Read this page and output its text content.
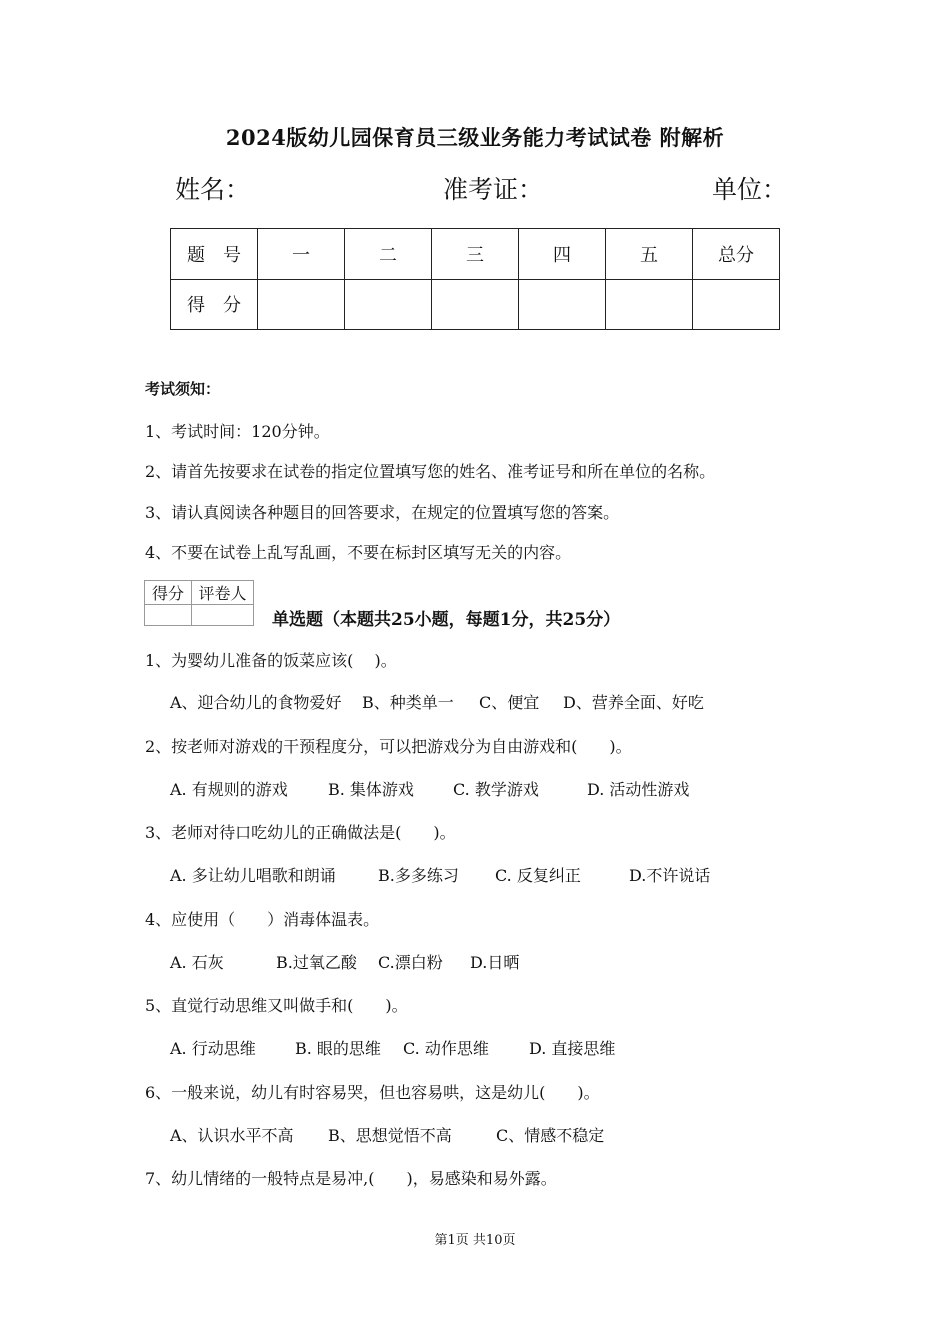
2024版幼儿园保育员三级业务能力考试试卷 附解析
姓名：	准考证：	单位：
题　号	一	二	三	四	五	总分
得　分						
考试须知：
1、考试时间：120分钟。
2、请首先按要求在试卷的指定位置填写您的姓名、准考证号和所在单位的名称。
3、请认真阅读各种题目的回答要求，在规定的位置填写您的答案。
4、不要在试卷上乱写乱画，不要在标封区填写无关的内容。
得分	评卷人

单选题（本题共25小题，每题1分，共25分）
1、为婴幼儿准备的饭菜应该(　 )。
A、迎合幼儿的食物爱好 B、种类单一 C、便宜 D、营养全面、好吃
2、按老师对游戏的干预程度分，可以把游戏分为自由游戏和(　　)。
A. 有规则的游戏	B. 集体游戏 C. 教学游戏	D. 活动性游戏
3、老师对待口吃幼儿的正确做法是(　　)。
A. 多让幼儿唱歌和朗诵	B.多多练习 C. 反复纠正	D.不许说话
4、应使用（　　）消毒体温表。
A. 石灰	B.过氧乙酸 C.漂白粉 D.日晒
5、直觉行动思维又叫做手和(　　)。
A. 行动思维 B. 眼的思维 C. 动作思维	D. 直接思维
6、一般来说，幼儿有时容易哭，但也容易哄，这是幼儿(　　)。
A、认识水平不高 B、思想觉悟不高	C、情感不稳定
7、幼儿情绪的一般特点是易冲,(　　)，易感染和易外露。
第1页 共10页
